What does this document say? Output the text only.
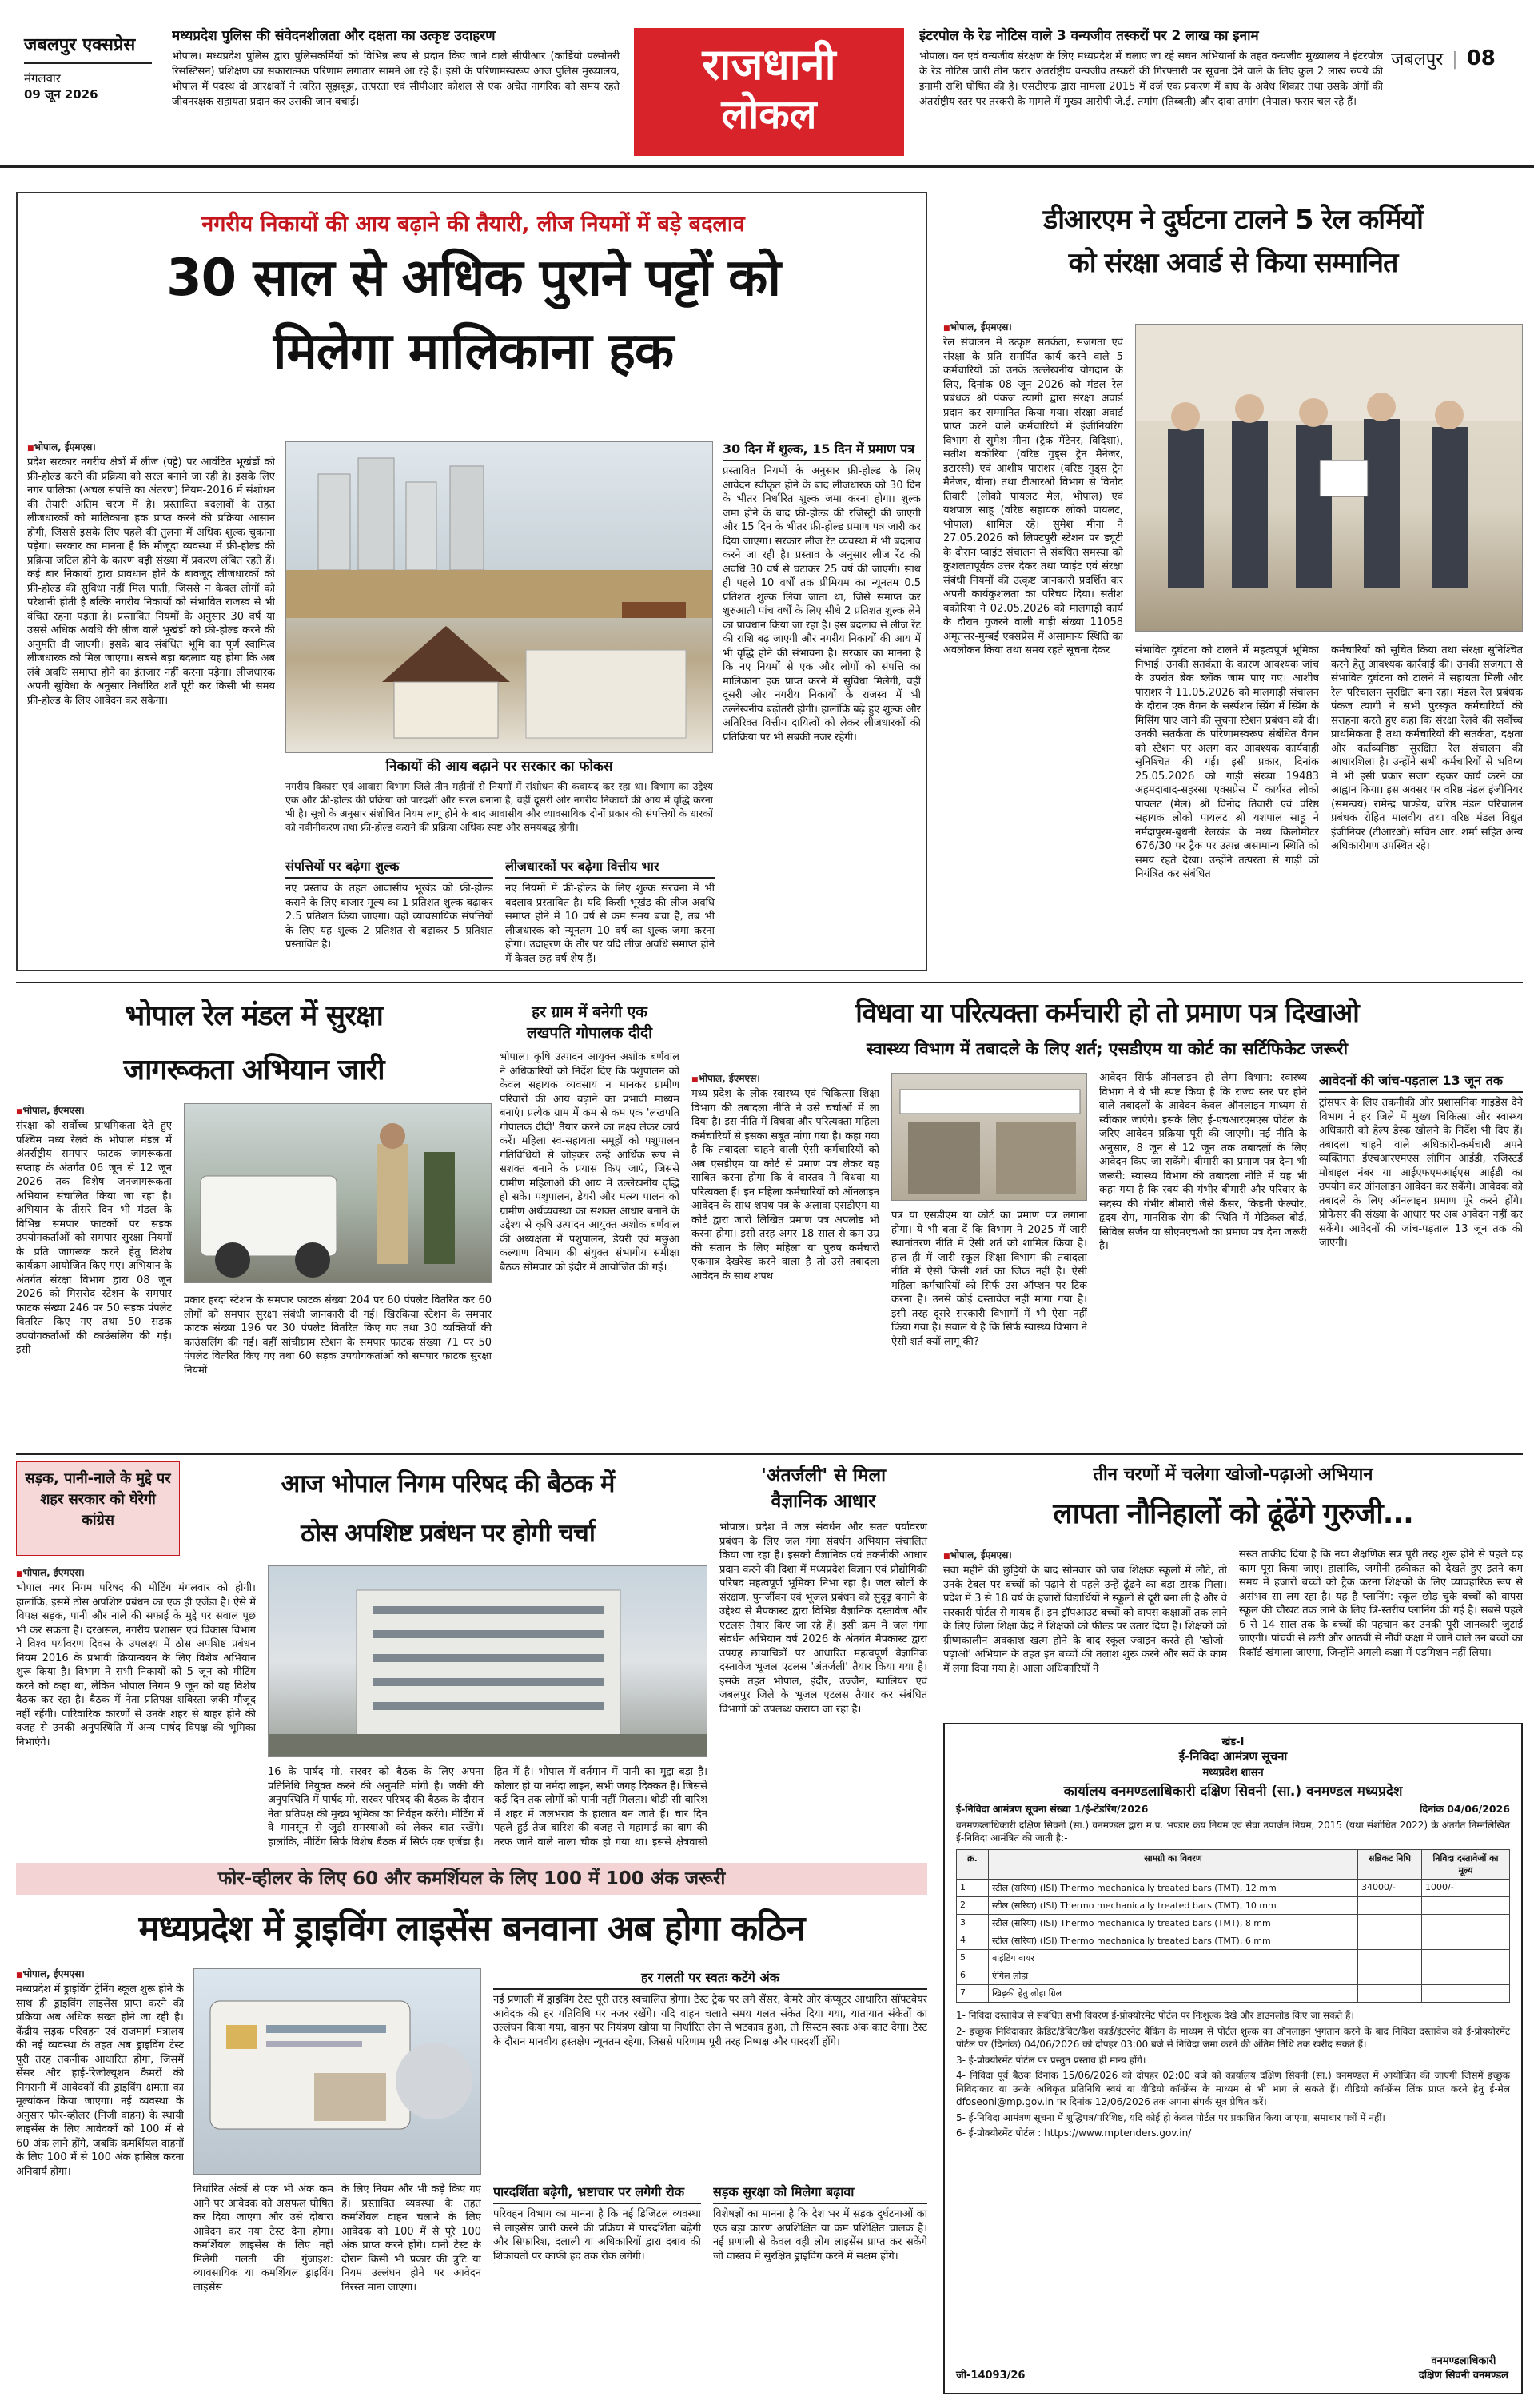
जबलपुर एक्सप्रेस
मंगलवार
09 जून 2026
मध्यप्रदेश पुलिस की संवेदनशीलता और दक्षता का उत्कृष्ट उदाहरण
भोपाल। मध्यप्रदेश पुलिस द्वारा पुलिसकर्मियों को विभिन्न रूप से प्रदान किए जाने वाले सीपीआर (कार्डियो पल्मोनरी रिसस्टिसन) प्रशिक्षण का सकारात्मक परिणाम लगातार सामने आ रहे हैं। इसी के परिणामस्वरूप आज पुलिस मुख्यालय, भोपाल में पदस्थ दो आरक्षकों ने त्वरित सूझबूझ, तत्परता एवं सीपीआर कौशल से एक अचेत नागरिक को समय रहते जीवनरक्षक सहायता प्रदान कर उसकी जान बचाई।
राजधानी
लोकल
इंटरपोल के रेड नोटिस वाले 3 वन्यजीव तस्करों पर 2 लाख का इनाम
भोपाल। वन एवं वन्यजीव संरक्षण के लिए मध्यप्रदेश में चलाए जा रहे सघन अभियानों के तहत वन्यजीव मुख्यालय ने इंटरपोल के रेड नोटिस जारी तीन फरार अंतर्राष्ट्रीय वन्यजीव तस्करों की गिरफ्तारी पर सूचना देने वाले के लिए कुल 2 लाख रुपये की इनामी राशि घोषित की है। एसटीएफ द्वारा मामला 2015 में दर्ज एक प्रकरण में बाघ के अवैध शिकार तथा उसके अंगों की अंतर्राष्ट्रीय स्तर पर तस्करी के मामले में मुख्य आरोपी जे.ई. तमांग (तिब्बती) और दावा तमांग (नेपाल) फरार चल रहे हैं।
जबलपुर | 08
नगरीय निकायों की आय बढ़ाने की तैयारी, लीज नियमों में बड़े बदलाव
30 साल से अधिक पुराने पट्टों को
मिलेगा मालिकाना हक
■ भोपाल, ईएमएस।
प्रदेश सरकार नगरीय क्षेत्रों में लीज (पट्टे) पर आवंटित भूखंडों को फ्री-होल्ड करने की प्रक्रिया को सरल बनाने जा रही है। इसके लिए नगर पालिका (अचल संपत्ति का अंतरण) नियम-2016 में संशोधन की तैयारी अंतिम चरण में है। प्रस्तावित बदलावों के तहत लीजधारकों को मालिकाना हक प्राप्त करने की प्रक्रिया आसान होगी, जिससे इसके लिए पहले की तुलना में अधिक शुल्क चुकाना पड़ेगा। सरकार का मानना है कि मौजूदा व्यवस्था में फ्री-होल्ड की प्रक्रिया जटिल होने के कारण बड़ी संख्या में प्रकरण लंबित रहते हैं। कई बार निकायों द्वारा प्रावधान होने के बावजूद लीजधारकों को फ्री-होल्ड की सुविधा नहीं मिल पाती, जिससे न केवल लोगों को परेशानी होती है बल्कि नगरीय निकायों को संभावित राजस्व से भी वंचित रहना पड़ता है। प्रस्तावित नियमों के अनुसार 30 वर्ष या उससे अधिक अवधि की लीज वाले भूखंडों को फ्री-होल्ड करने की अनुमति दी जाएगी। इसके बाद संबंधित भूमि का पूर्ण स्वामित्व लीजधारक को मिल जाएगा। सबसे बड़ा बदलाव यह होगा कि अब लंबे अवधि समाप्त होने का इंतजार नहीं करना पड़ेगा। लीजधारक अपनी सुविधा के अनुसार निर्धारित शर्तें पूरी कर किसी भी समय फ्री-होल्ड के लिए आवेदन कर सकेगा।
निकायों की आय बढ़ाने पर सरकार का फोकस
नगरीय विकास एवं आवास विभाग जिले तीन महीनों से नियमों में संशोधन की कवायद कर रहा था। विभाग का उद्देश्य एक और फ्री-होल्ड की प्रक्रिया को पारदर्शी और सरल बनाना है, वहीं दूसरी ओर नगरीय निकायों की आय में वृद्धि करना भी है। सूत्रों के अनुसार संशोधित नियम लागू होने के बाद आवासीय और व्यावसायिक दोनों प्रकार की संपत्तियों के धारकों को नवीनीकरण तथा फ्री-होल्ड कराने की प्रक्रिया अधिक स्पष्ट और समयबद्ध होगी।
30 दिन में शुल्क, 15 दिन में प्रमाण पत्र
प्रस्तावित नियमों के अनुसार फ्री-होल्ड के लिए आवेदन स्वीकृत होने के बाद लीजधारक को 30 दिन के भीतर निर्धारित शुल्क जमा करना होगा। शुल्क जमा होने के बाद फ्री-होल्ड की रजिस्ट्री की जाएगी और 15 दिन के भीतर फ्री-होल्ड प्रमाण पत्र जारी कर दिया जाएगा। सरकार लीज रेंट व्यवस्था में भी बदलाव करने जा रही है। प्रस्ताव के अनुसार लीज रेंट की अवधि 30 वर्ष से घटाकर 25 वर्ष की जाएगी। साथ ही पहले 10 वर्षों तक प्रीमियम का न्यूनतम 0.5 प्रतिशत शुल्क लिया जाता था, जिसे समाप्त कर शुरुआती पांच वर्षों के लिए सीधे 2 प्रतिशत शुल्क लेने का प्रावधान किया जा रहा है। इस बदलाव से लीज रेंट की राशि बढ़ जाएगी और नगरीय निकायों की आय में भी वृद्धि होने की संभावना है। सरकार का मानना है कि नए नियमों से एक और लोगों को संपत्ति का मालिकाना हक प्राप्त करने में सुविधा मिलेगी, वहीं दूसरी ओर नगरीय निकायों के राजस्व में भी उल्लेखनीय बढ़ोतरी होगी। हालांकि बढ़े हुए शुल्क और अतिरिक्त वित्तीय दायित्वों को लेकर लीजधारकों की प्रतिक्रिया पर भी सबकी नजर रहेगी।
संपत्तियों पर बढ़ेगा शुल्क
नए प्रस्ताव के तहत आवासीय भूखंड को फ्री-होल्ड कराने के लिए बाजार मूल्य का 1 प्रतिशत शुल्क बढ़ाकर 2.5 प्रतिशत किया जाएगा। वहीं व्यावसायिक संपत्तियों के लिए यह शुल्क 2 प्रतिशत से बढ़ाकर 5 प्रतिशत प्रस्तावित है।
लीजधारकों पर बढ़ेगा वित्तीय भार
नए नियमों में फ्री-होल्ड के लिए शुल्क संरचना में भी बदलाव प्रस्तावित है। यदि किसी भूखंड की लीज अवधि समाप्त होने में 10 वर्ष से कम समय बचा है, तब भी लीजधारक को न्यूनतम 10 वर्ष का शुल्क जमा करना होगा। उदाहरण के तौर पर यदि लीज अवधि समाप्त होने में केवल छह वर्ष शेष हैं।
डीआरएम ने दुर्घटना टालने 5 रेल कर्मियों
को संरक्षा अवार्ड से किया सम्मानित
■ भोपाल, ईएमएस।
रेल संचालन में उत्कृष्ट सतर्कता, सजगता एवं संरक्षा के प्रति समर्पित कार्य करने वाले 5 कर्मचारियों को उनके उल्लेखनीय योगदान के लिए, दिनांक 08 जून 2026 को मंडल रेल प्रबंधक श्री पंकज त्यागी द्वारा संरक्षा अवार्ड प्रदान कर सम्मानित किया गया। संरक्षा अवार्ड प्राप्त करने वाले कर्मचारियों में इंजीनियरिंग विभाग से सुमेश मीना (ट्रैक मेंटेनर, विदिशा), सतीश बकोरिया (वरिष्ठ गुड्स ट्रेन मैनेजर, इटारसी) एवं आशीष पाराशर (वरिष्ठ गुड्स ट्रेन मैनेजर, बीना) तथा टीआरओ विभाग से विनोद तिवारी (लोको पायलट मेल, भोपाल) एवं यशपाल साहू (वरिष्ठ सहायक लोको पायलट, भोपाल) शामिल रहे। सुमेश मीना ने 27.05.2026 को लिफ्टपुरी स्टेशन पर ड्यूटी के दौरान प्वाइंट संचालन से संबंधित समस्या को कुशलतापूर्वक उत्तर देकर तथा प्वाइंट एवं संरक्षा संबंधी नियमों की उत्कृष्ट जानकारी प्रदर्शित कर अपनी कार्यकुशलता का परिचय दिया। सतीश बकोरिया ने 02.05.2026 को मालगाड़ी कार्य के दौरान गुजरने वाली गाड़ी संख्या 11058 अमृतसर-मुम्बई एक्सप्रेस में असामान्य स्थिति का अवलोकन किया तथा समय रहते सूचना देकर	संभावित दुर्घटना को टालने में महत्वपूर्ण भूमिका निभाई। उनकी सतर्कता के कारण आवश्यक जांच के उपरांत ब्रेक ब्लॉक जाम पाए गए। आशीष पाराशर ने 11.05.2026 को मालगाड़ी संचालन के दौरान एक वैगन के सस्पेंशन स्प्रिंग में स्प्रिंग के मिसिंग पाए जाने की सूचना स्टेशन प्रबंधन को दी। उनकी सतर्कता के परिणामस्वरूप संबंधित वैगन को स्टेशन पर अलग कर आवश्यक कार्यवाही सुनिश्चित की गई। इसी प्रकार, दिनांक 25.05.2026 को गाड़ी संख्या 19483 अहमदाबाद-सहरसा एक्सप्रेस में कार्यरत लोको पायलट (मेल) श्री विनोद तिवारी एवं वरिष्ठ सहायक लोको पायलट श्री यशपाल साहू ने नर्मदापुरम-बुधनी रेलखंड के मध्य किलोमीटर 676/30 पर ट्रैक पर उत्पन्न असामान्य स्थिति को समय रहते देखा। उन्होंने तत्परता से गाड़ी को नियंत्रित कर संबंधित
कर्मचारियों को सूचित किया तथा संरक्षा सुनिश्चित करने हेतु आवश्यक कार्रवाई की। उनकी सजगता से संभावित दुर्घटना को टालने में सहायता मिली और रेल परिचालन सुरक्षित बना रहा। मंडल रेल प्रबंधक पंकज त्यागी ने सभी पुरस्कृत कर्मचारियों की सराहना करते हुए कहा कि संरक्षा रेलवे की सर्वोच्च प्राथमिकता है तथा कर्मचारियों की सतर्कता, दक्षता और कर्तव्यनिष्ठा सुरक्षित रेल संचालन की आधारशिला है। उन्होंने सभी कर्मचारियों से भविष्य में भी इसी प्रकार सजग रहकर कार्य करने का आह्वान किया। इस अवसर पर वरिष्ठ मंडल इंजीनियर (समन्वय) रामेन्द्र पाण्डेय, वरिष्ठ मंडल परिचालन प्रबंधक रोहित मालवीय तथा वरिष्ठ मंडल विद्युत इंजीनियर (टीआरओ) सचिन आर. शर्मा सहित अन्य अधिकारीगण उपस्थित रहे।
भोपाल रेल मंडल में सुरक्षा
जागरूकता अभियान जारी
■ भोपाल, ईएमएस।
संरक्षा को सर्वोच्च प्राथमिकता देते हुए पश्चिम मध्य रेलवे के भोपाल मंडल में अंतर्राष्ट्रीय समपार फाटक जागरूकता सप्ताह के अंतर्गत 06 जून से 12 जून 2026 तक विशेष जनजागरूकता अभियान संचालित किया जा रहा है। अभियान के तीसरे दिन भी मंडल के विभिन्न समपार फाटकों पर सड़क उपयोगकर्ताओं को समपार सुरक्षा नियमों के प्रति जागरूक करने हेतु विशेष कार्यक्रम आयोजित किए गए। अभियान के अंतर्गत संरक्षा विभाग द्वारा 08 जून 2026 को मिसरोद स्टेशन के समपार फाटक संख्या 246 पर 50 सड़क पंपलेट वितरित किए गए तथा 50 सड़क उपयोगकर्ताओं की काउंसलिंग की गई। इसी
प्रकार हरदा स्टेशन के समपार फाटक संख्या 204 पर 60 पंपलेट वितरित कर 60 लोगों को समपार सुरक्षा संबंधी जानकारी दी गई। खिरकिया स्टेशन के समपार फाटक संख्या 196 पर 30 पंपलेट वितरित किए गए तथा 30 व्यक्तियों की काउंसलिंग की गई। वहीं सांचीग्राम स्टेशन के समपार फाटक संख्या 71 पर 50 पंपलेट वितरित किए गए तथा 60 सड़क उपयोगकर्ताओं को समपार फाटक सुरक्षा नियमों
हर ग्राम में बनेगी एक
लखपति गोपालक दीदी
भोपाल। कृषि उत्पादन आयुक्त अशोक बर्णवाल ने अधिकारियों को निर्देश दिए कि पशुपालन को केवल सहायक व्यवसाय न मानकर ग्रामीण परिवारों की आय बढ़ाने का प्रभावी माध्यम बनाएं। प्रत्येक ग्राम में कम से कम एक 'लखपति गोपालक दीदी' तैयार करने का लक्ष्य लेकर कार्य करें। महिला स्व-सहायता समूहों को पशुपालन गतिविधियों से जोड़कर उन्हें आर्थिक रूप से सशक्त बनाने के प्रयास किए जाएं, जिससे ग्रामीण महिलाओं की आय में उल्लेखनीय वृद्धि हो सके। पशुपालन, डेयरी और मत्स्य पालन को ग्रामीण अर्थव्यवस्था का सशक्त आधार बनाने के उद्देश्य से कृषि उत्पादन आयुक्त अशोक बर्णवाल की अध्यक्षता में पशुपालन, डेयरी एवं मछुआ कल्याण विभाग की संयुक्त संभागीय समीक्षा बैठक सोमवार को इंदौर में आयोजित की गई।
विधवा या परित्यक्ता कर्मचारी हो तो प्रमाण पत्र दिखाओ
स्वास्थ्य विभाग में तबादले के लिए शर्त; एसडीएम या कोर्ट का सर्टिफिकेट जरूरी
■ भोपाल, ईएमएस।
मध्य प्रदेश के लोक स्वास्थ्य एवं चिकित्सा शिक्षा विभाग की तबादला नीति ने उसे चर्चाओं में ला दिया है। इस नीति में विधवा और परित्यक्ता महिला कर्मचारियों से इसका सबूत मांगा गया है। कहा गया है कि तबादला चाहने वाली ऐसी कर्मचारियों को अब एसडीएम या कोर्ट से प्रमाण पत्र लेकर यह साबित करना होगा कि वे वास्तव में विधवा या परित्यक्ता हैं। इन महिला कर्मचारियों को ऑनलाइन आवेदन के साथ शपथ पत्र के अलावा एसडीएम या कोर्ट द्वारा जारी लिखित प्रमाण पत्र अपलोड भी करना होगा। इसी तरह अगर 18 साल से कम उम्र की संतान के लिए महिला या पुरुष कर्मचारी एकमात्र देखरेख करने वाला है तो उसे तबादला आवेदन के साथ शपथ
पत्र या एसडीएम या कोर्ट का प्रमाण पत्र लगाना होगा। ये भी बता दें कि विभाग ने 2025 में जारी स्थानांतरण नीति में ऐसी शर्त को शामिल किया है। हाल ही में जारी स्कूल शिक्षा विभाग की तबादला नीति में ऐसी किसी शर्त का जिक्र नहीं है। ऐसी महिला कर्मचारियों को सिर्फ उस ऑप्शन पर टिक करना है। उनसे कोई दस्तावेज नहीं मांगा गया है। इसी तरह दूसरे सरकारी विभागों में भी ऐसा नहीं किया गया है। सवाल ये है कि सिर्फ स्वास्थ्य विभाग ने ऐसी शर्त क्यों लागू की?
आवेदन सिर्फ ऑनलाइन ही लेगा विभाग: स्वास्थ्य विभाग ने ये भी स्पष्ट किया है कि राज्य स्तर पर होने वाले तबादलों के आवेदन केवल ऑनलाइन माध्यम से स्वीकार जाएंगे। इसके लिए ई-एचआरएमएस पोर्टल के जरिए आवेदन प्रक्रिया पूरी की जाएगी। नई नीति के अनुसार, 8 जून से 12 जून तक तबादलों के लिए आवेदन किए जा सकेंगे। बीमारी का प्रमाण पत्र देना भी जरूरी: स्वास्थ्य विभाग की तबादला नीति में यह भी कहा गया है कि स्वयं की गंभीर बीमारी और परिवार के सदस्य की गंभीर बीमारी जैसे कैंसर, किडनी फेल्योर, हृदय रोग, मानसिक रोग की स्थिति में मेडिकल बोर्ड, सिविल सर्जन या सीएमएचओ का प्रमाण पत्र देना जरूरी है।
आवेदनों की जांच-पड़ताल 13 जून तक
ट्रांसफर के लिए तकनीकी और प्रशासनिक गाइडेंस देने विभाग ने हर जिले में मुख्य चिकित्सा और स्वास्थ्य अधिकारी को हेल्प डेस्क खोलने के निर्देश भी दिए हैं। तबादला चाहने वाले अधिकारी-कर्मचारी अपने व्यक्तिगत ईएचआरएमएस लॉगिन आईडी, रजिस्टर्ड मोबाइल नंबर या आईएफएमआईएस आईडी का उपयोग कर ऑनलाइन आवेदन कर सकेंगे। आवेदक को तबादले के लिए ऑनलाइन प्रमाण पूरे करने होंगे। प्रोफेसर की संख्या के आधार पर अब आवेदन नहीं कर सकेंगे। आवेदनों की जांच-पड़ताल 13 जून तक की जाएगी।
सड़क, पानी-नाले के मुद्दे पर शहर सरकार को घेरेगी कांग्रेस
आज भोपाल निगम परिषद की बैठक में
ठोस अपशिष्ट प्रबंधन पर होगी चर्चा
■ भोपाल, ईएमएस।
भोपाल नगर निगम परिषद की मीटिंग मंगलवार को होगी। हालांकि, इसमें ठोस अपशिष्ट प्रबंधन का एक ही एजेंडा है। ऐसे में विपक्ष सड़क, पानी और नाले की सफाई के मुद्दे पर सवाल पूछ भी कर सकता है। दरअसल, नगरीय प्रशासन एवं विकास विभाग ने विश्व पर्यावरण दिवस के उपलक्ष्य में ठोस अपशिष्ट प्रबंधन नियम 2016 के प्रभावी क्रियान्वयन के लिए विशेष अभियान शुरू किया है। विभाग ने सभी निकायों को 5 जून को मीटिंग करने को कहा था, लेकिन भोपाल निगम 9 जून को यह विशेष बैठक कर रहा है। बैठक में नेता प्रतिपक्ष शबिस्ता ज़की मौजूद नहीं रहेंगी। पारिवारिक कारणों से उनके शहर से बाहर होने की वजह से उनकी अनुपस्थिति में अन्य पार्षद विपक्ष की भूमिका निभाएंगे।
16 के पार्षद मो. सरवर को बैठक के लिए अपना प्रतिनिधि नियुक्त करने की अनुमति मांगी है। जकी की अनुपस्थिति में पार्षद मो. सरवर परिषद की बैठक के दौरान नेता प्रतिपक्ष की मुख्य भूमिका का निर्वहन करेंगे। मीटिंग में वे मानसून से जुड़ी समस्याओं को लेकर बात रखेंगे। हालांकि, मीटिंग सिर्फ विशेष बैठक में सिर्फ एक एजेंडा है।
हित में है। भोपाल में वर्तमान में पानी का मुद्दा बड़ा है। कोलार हो या नर्मदा लाइन, सभी जगह दिक्कत है। जिससे कई दिन तक लोगों को पानी नहीं मिलता। थोड़ी सी बारिश में शहर में जलभराव के हालात बन जाते हैं। चार दिन पहले हुई तेज बारिश की वजह से महामाई का बाग की तरफ जाने वाले नाला चौक हो गया था। इससे क्षेत्रवासी
'अंतर्जली' से मिला
वैज्ञानिक आधार
भोपाल। प्रदेश में जल संवर्धन और सतत पर्यावरण प्रबंधन के लिए जल गंगा संवर्धन अभियान संचालित किया जा रहा है। इसको वैज्ञानिक एवं तकनीकी आधार प्रदान करने की दिशा में मध्यप्रदेश विज्ञान एवं प्रौद्योगिकी परिषद महत्वपूर्ण भूमिका निभा रहा है। जल स्रोतों के संरक्षण, पुनर्जीवन एवं भूजल प्रबंधन को सुदृढ़ बनाने के उद्देश्य से मैपकास्ट द्वारा विभिन्न वैज्ञानिक दस्तावेज और एटलस तैयार किए जा रहे हैं। इसी क्रम में जल गंगा संवर्धन अभियान वर्ष 2026 के अंतर्गत मैपकास्ट द्वारा उपग्रह छायाचित्रों पर आधारित महत्वपूर्ण वैज्ञानिक दस्तावेज भूजल एटलस 'अंतर्जली' तैयार किया गया है। इसके तहत भोपाल, इंदौर, उज्जैन, ग्वालियर एवं जबलपुर जिले के भूजल एटलस तैयार कर संबंधित विभागों को उपलब्ध कराया जा रहा है।
तीन चरणों में चलेगा खोजो-पढ़ाओ अभियान
लापता नौनिहालों को ढूंढेंगे गुरुजी...
■ भोपाल, ईएमएस।
सवा महीने की छुट्टियों के बाद सोमवार को जब शिक्षक स्कूलों में लौटे, तो उनके टेबल पर बच्चों को पढ़ाने से पहले उन्हें ढूंढने का बड़ा टास्क मिला। प्रदेश में 3 से 18 वर्ष के हजारों विद्यार्थियों ने स्कूलों से दूरी बना ली है और वे सरकारी पोर्टल से गायब हैं। इन ड्रॉपआउट बच्चों को वापस कक्षाओं तक लाने के लिए जिला शिक्षा केंद्र ने शिक्षकों को फील्ड पर उतार दिया है। शिक्षकों को ग्रीष्मकालीन अवकाश खत्म होने के बाद स्कूल ज्वाइन करते ही 'खोजो-पढ़ाओ' अभियान के तहत इन बच्चों की तलाश शुरू करने और सर्वे के काम में लगा दिया गया है। आला अधिकारियों ने
सख्त ताकीद दिया है कि नया शैक्षणिक सत्र पूरी तरह शुरू होने से पहले यह काम पूरा किया जाए। हालांकि, जमीनी हकीकत को देखते हुए इतने कम समय में हजारों बच्चों को ट्रैक करना शिक्षकों के लिए व्यावहारिक रूप से असंभव सा लग रहा है। यह है प्लानिंग: स्कूल छोड़ चुके बच्चों को वापस स्कूल की चौखट तक लाने के लिए त्रि-स्तरीय प्लानिंग की गई है। सबसे पहले 6 से 14 साल तक के बच्चों की पहचान कर उनकी पूरी जानकारी जुटाई जाएगी। पांचवी से छठी और आठवीं से नौवीं कक्षा में जाने वाले उन बच्चों का रिकॉर्ड खंगाला जाएगा, जिन्होंने अगली कक्षा में एडमिशन नहीं लिया।
खंड-I
ई-निविदा आमंत्रण सूचना
मध्यप्रदेश शासन
कार्यालय वनमण्डलाधिकारी दक्षिण सिवनी (सा.) वनमण्डल मध्यप्रदेश
ई-निविदा आमंत्रण सूचना संख्या 1/ई-टेंडरिंग/2026	दिनांक 04/06/2026
वनमण्डलाधिकारी दक्षिण सिवनी (सा.) वनमण्डल द्वारा म.प्र. भण्डार क्रय नियम एवं सेवा उपार्जन नियम, 2015 (यथा संशोधित 2022) के अंतर्गत निम्नलिखित ई-निविदा आमंत्रित की जाती है:-
क्र.	सामग्री का विवरण	सन्निकट निधि	निविदा दस्तावेजों का मूल्य
1	स्टील (सरिया) (ISI) Thermo mechanically treated bars (TMT), 12 mm	34000/-	1000/-
2	स्टील (सरिया) (ISI) Thermo mechanically treated bars (TMT), 10 mm		
3	स्टील (सरिया) (ISI) Thermo mechanically treated bars (TMT), 8 mm		
4	स्टील (सरिया) (ISI) Thermo mechanically treated bars (TMT), 6 mm		
5	बाइंडिंग वायर		
6	एंगिल लोहा		
7	खिड़की हेतु लोहा ग्रिल		
1- निविदा दस्तावेज से संबंधित सभी विवरण ई-प्रोक्योरमेंट पोर्टल पर निःशुल्क देखे और डाउनलोड किए जा सकते हैं।
2- इच्छुक निविदाकार क्रेडिट/डेबिट/कैश कार्ड/इंटरनेट बैंकिंग के माध्यम से पोर्टल शुल्क का ऑनलाइन भुगतान करने के बाद निविदा दस्तावेज को ई-प्रोक्योरमेंट पोर्टल पर (दिनांक) 04/06/2026 को दोपहर 03:00 बजे से निविदा जमा करने की अंतिम तिथि तक खरीद सकते हैं।
3- ई-प्रोक्योरमेंट पोर्टल पर प्रस्तुत प्रस्ताव ही मान्य होंगे।
4- निविदा पूर्व बैठक दिनांक 15/06/2026 को दोपहर 02:00 बजे को कार्यालय दक्षिण सिवनी (सा.) वनमण्डल में आयोजित की जाएगी जिसमें इच्छुक निविदाकार या उनके अधिकृत प्रतिनिधि स्वयं या वीडियो कॉन्फ्रेंस के माध्यम से भी भाग ले सकते हैं। वीडियो कॉन्फ्रेंस लिंक प्राप्त करने हेतु ई-मेल dfoseoni@mp.gov.in पर दिनांक 12/06/2026 तक अपना संपर्क सूत्र प्रेषित करें।
5- ई-निविदा आमंत्रण सूचना में शुद्धिपत्र/परिशिष्ट, यदि कोई हो केवल पोर्टल पर प्रकाशित किया जाएगा, समाचार पत्रों में नहीं।
6- ई-प्रोक्योरमेंट पोर्टल : https://www.mptenders.gov.in/
वनमण्डलाधिकारी
दक्षिण सिवनी वनमण्डल
जी-14093/26
फोर-व्हीलर के लिए 60 और कमर्शियल के लिए 100 में 100 अंक जरूरी
मध्यप्रदेश में ड्राइविंग लाइसेंस बनवाना अब होगा कठिन
■ भोपाल, ईएमएस।
मध्यप्रदेश में ड्राइविंग ट्रेनिंग स्कूल शुरू होने के साथ ही ड्राइविंग लाइसेंस प्राप्त करने की प्रक्रिया अब अधिक सख्त होने जा रही है। केंद्रीय सड़क परिवहन एवं राजमार्ग मंत्रालय की नई व्यवस्था के तहत अब ड्राइविंग टेस्ट पूरी तरह तकनीक आधारित होगा, जिसमें सेंसर और हाई-रिजोल्यूशन कैमरों की निगरानी में आवेदकों की ड्राइविंग क्षमता का मूल्यांकन किया जाएगा। नई व्यवस्था के अनुसार फोर-व्हीलर (निजी वाहन) के स्थायी लाइसेंस के लिए आवेदकों को 100 में से 60 अंक लाने होंगे, जबकि कमर्शियल वाहनों के लिए 100 में से 100 अंक हासिल करना अनिवार्य होगा।
निर्धारित अंकों से एक भी अंक कम आने पर आवेदक को असफल घोषित कर दिया जाएगा और उसे दोबारा आवेदन कर नया टेस्ट देना होगा। कमर्शियल लाइसेंस के लिए नहीं मिलेगी गलती की गुंजाइश: व्यावसायिक या कमर्शियल ड्राइविंग लाइसेंस
के लिए नियम और भी कड़े किए गए हैं। प्रस्तावित व्यवस्था के तहत कमर्शियल वाहन चलाने के लिए आवेदक को 100 में से पूरे 100 अंक प्राप्त करने होंगे। यानी टेस्ट के दौरान किसी भी प्रकार की त्रुटि या नियम उल्लंघन होने पर आवेदन निरस्त माना जाएगा।
हर गलती पर स्वतः कटेंगे अंक
नई प्रणाली में ड्राइविंग टेस्ट पूरी तरह स्वचालित होगा। टेस्ट ट्रैक पर लगे सेंसर, कैमरे और कंप्यूटर आधारित सॉफ्टवेयर आवेदक की हर गतिविधि पर नजर रखेंगे। यदि वाहन चलाते समय गलत संकेत दिया गया, यातायात संकेतों का उल्लंघन किया गया, वाहन पर नियंत्रण खोया या निर्धारित लेन से भटकाव हुआ, तो सिस्टम स्वतः अंक काट देगा। टेस्ट के दौरान मानवीय हस्तक्षेप न्यूनतम रहेगा, जिससे परिणाम पूरी तरह निष्पक्ष और पारदर्शी होंगे।
पारदर्शिता बढ़ेगी, भ्रष्टाचार पर लगेगी रोक
परिवहन विभाग का मानना है कि नई डिजिटल व्यवस्था से लाइसेंस जारी करने की प्रक्रिया में पारदर्शिता बढ़ेगी और सिफारिश, दलाली या अधिकारियों द्वारा दबाव की शिकायतों पर काफी हद तक रोक लगेगी।
सड़क सुरक्षा को मिलेगा बढ़ावा
विशेषज्ञों का मानना है कि देश भर में सड़क दुर्घटनाओं का एक बड़ा कारण अप्रशिक्षित या कम प्रशिक्षित चालक हैं। नई प्रणाली से केवल वही लोग लाइसेंस प्राप्त कर सकेंगे जो वास्तव में सुरक्षित ड्राइविंग करने में सक्षम होंगे।
